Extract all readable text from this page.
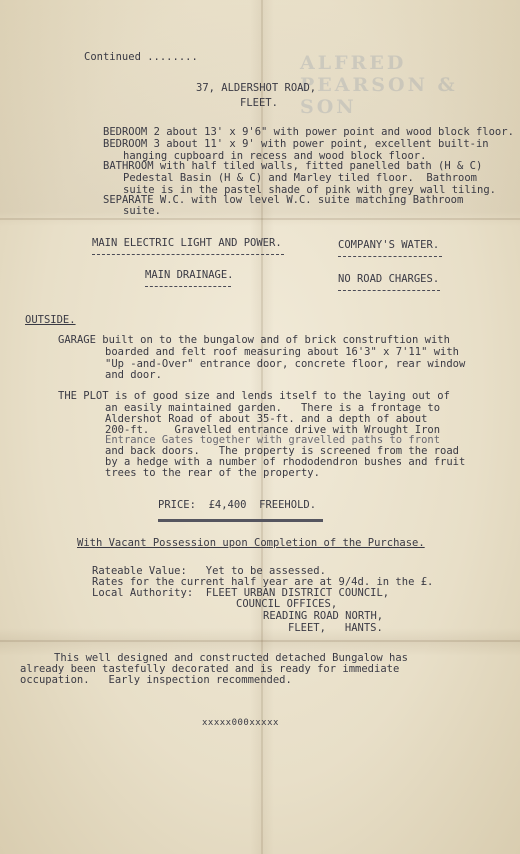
ALFRED PEARSON & SON
Continued ........
37, ALDERSHOT ROAD,
FLEET.
BEDROOM 2 about 13' x 9'6" with power point and wood block floor.
BEDROOM 3 about 11' x 9' with power point, excellent built-in
hanging cupboard in recess and wood block floor.
BATHROOM with half tiled walls, fitted panelled bath (H & C)
Pedestal Basin (H & C) and Marley tiled floor.  Bathroom
suite is in the pastel shade of pink with grey wall tiling.
SEPARATE W.C. with low level W.C. suite matching Bathroom
suite.
MAIN ELECTRIC LIGHT AND POWER.	COMPANY'S WATER.
MAIN DRAINAGE.	NO ROAD CHARGES.
OUTSIDE.
GARAGE built on to the bungalow and of brick construftion with
boarded and felt roof measuring about 16'3" x 7'11" with
"Up -and-Over" entrance door, concrete floor, rear window
and door.
THE PLOT is of good size and lends itself to the laying out of
an easily maintained garden.   There is a frontage to
Aldershot Road of about 35-ft. and a depth of about
200-ft.    Gravelled entrance drive with Wrought Iron
Entrance Gates together with gravelled paths to front
and back doors.   The property is screened from the road
by a hedge with a number of rhododendron bushes and fruit
trees to the rear of the property.
PRICE:  £4,400  FREEHOLD.
With Vacant Possession upon Completion of the Purchase.
Rateable Value:   Yet to be assessed.
Rates for the current half year are at 9/4d. in the £.
Local Authority:  FLEET URBAN DISTRICT COUNCIL,
COUNCIL OFFICES,
READING ROAD NORTH,
FLEET,   HANTS.
This well designed and constructed detached Bungalow has
already been tastefully decorated and is ready for immediate
occupation.   Early inspection recommended.
xxxxx000xxxxx
